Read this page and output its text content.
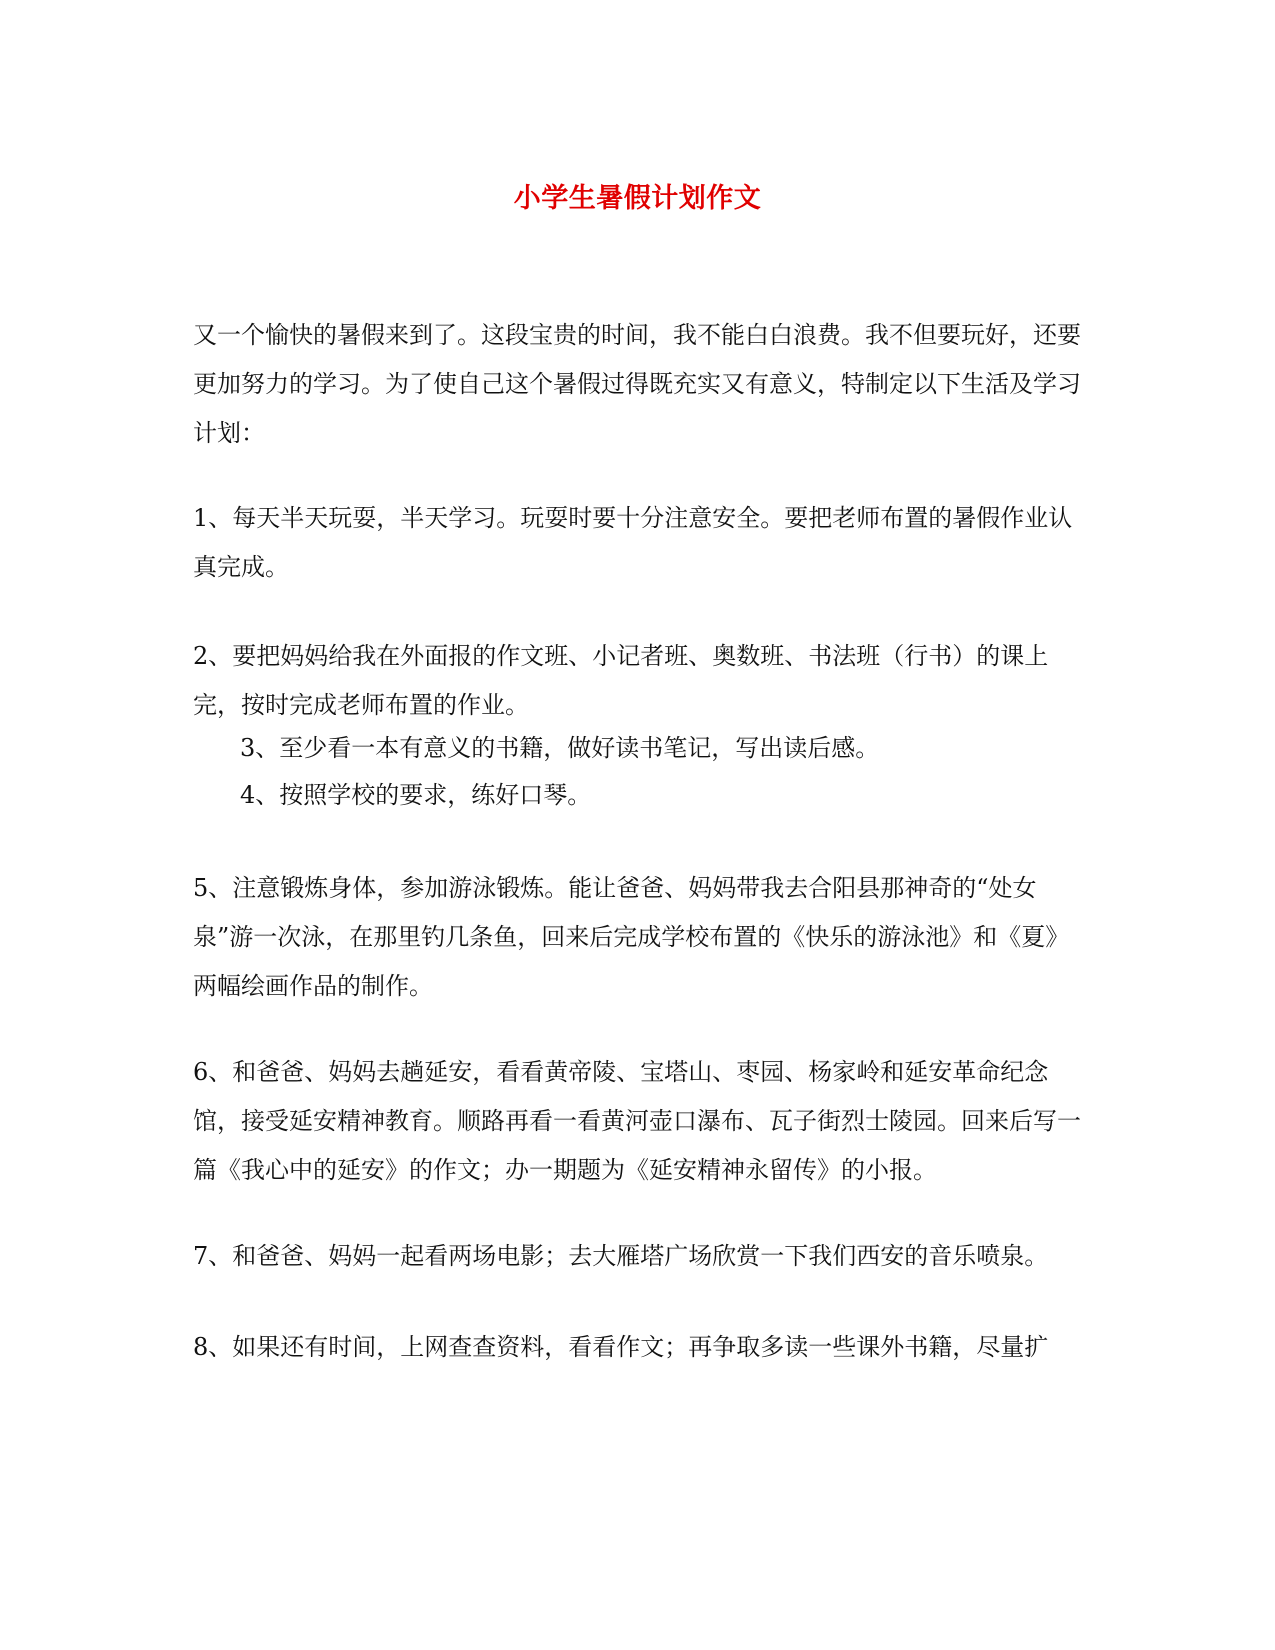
小学生暑假计划作文

又一个愉快的暑假来到了。这段宝贵的时间，我不能白白浪费。我不但要玩好，还要更加努力的学习。为了使自己这个暑假过得既充实又有意义，特制定以下生活及学习计划：

1、每天半天玩耍，半天学习。玩耍时要十分注意安全。要把老师布置的暑假作业认真完成。

2、要把妈妈给我在外面报的作文班、小记者班、奥数班、书法班（行书）的课上完，按时完成老师布置的作业。

3、至少看一本有意义的书籍，做好读书笔记，写出读后感。

4、按照学校的要求，练好口琴。

5、注意锻炼身体，参加游泳锻炼。能让爸爸、妈妈带我去合阳县那神奇的“处女泉”游一次泳，在那里钓几条鱼，回来后完成学校布置的《快乐的游泳池》和《夏》两幅绘画作品的制作。

6、和爸爸、妈妈去趟延安，看看黄帝陵、宝塔山、枣园、杨家岭和延安革命纪念馆，接受延安精神教育。顺路再看一看黄河壶口瀑布、瓦子街烈士陵园。回来后写一篇《我心中的延安》的作文；办一期题为《延安精神永留传》的小报。

7、和爸爸、妈妈一起看两场电影；去大雁塔广场欣赏一下我们西安的音乐喷泉。

8、如果还有时间，上网查查资料，看看作文；再争取多读一些课外书籍，尽量扩
